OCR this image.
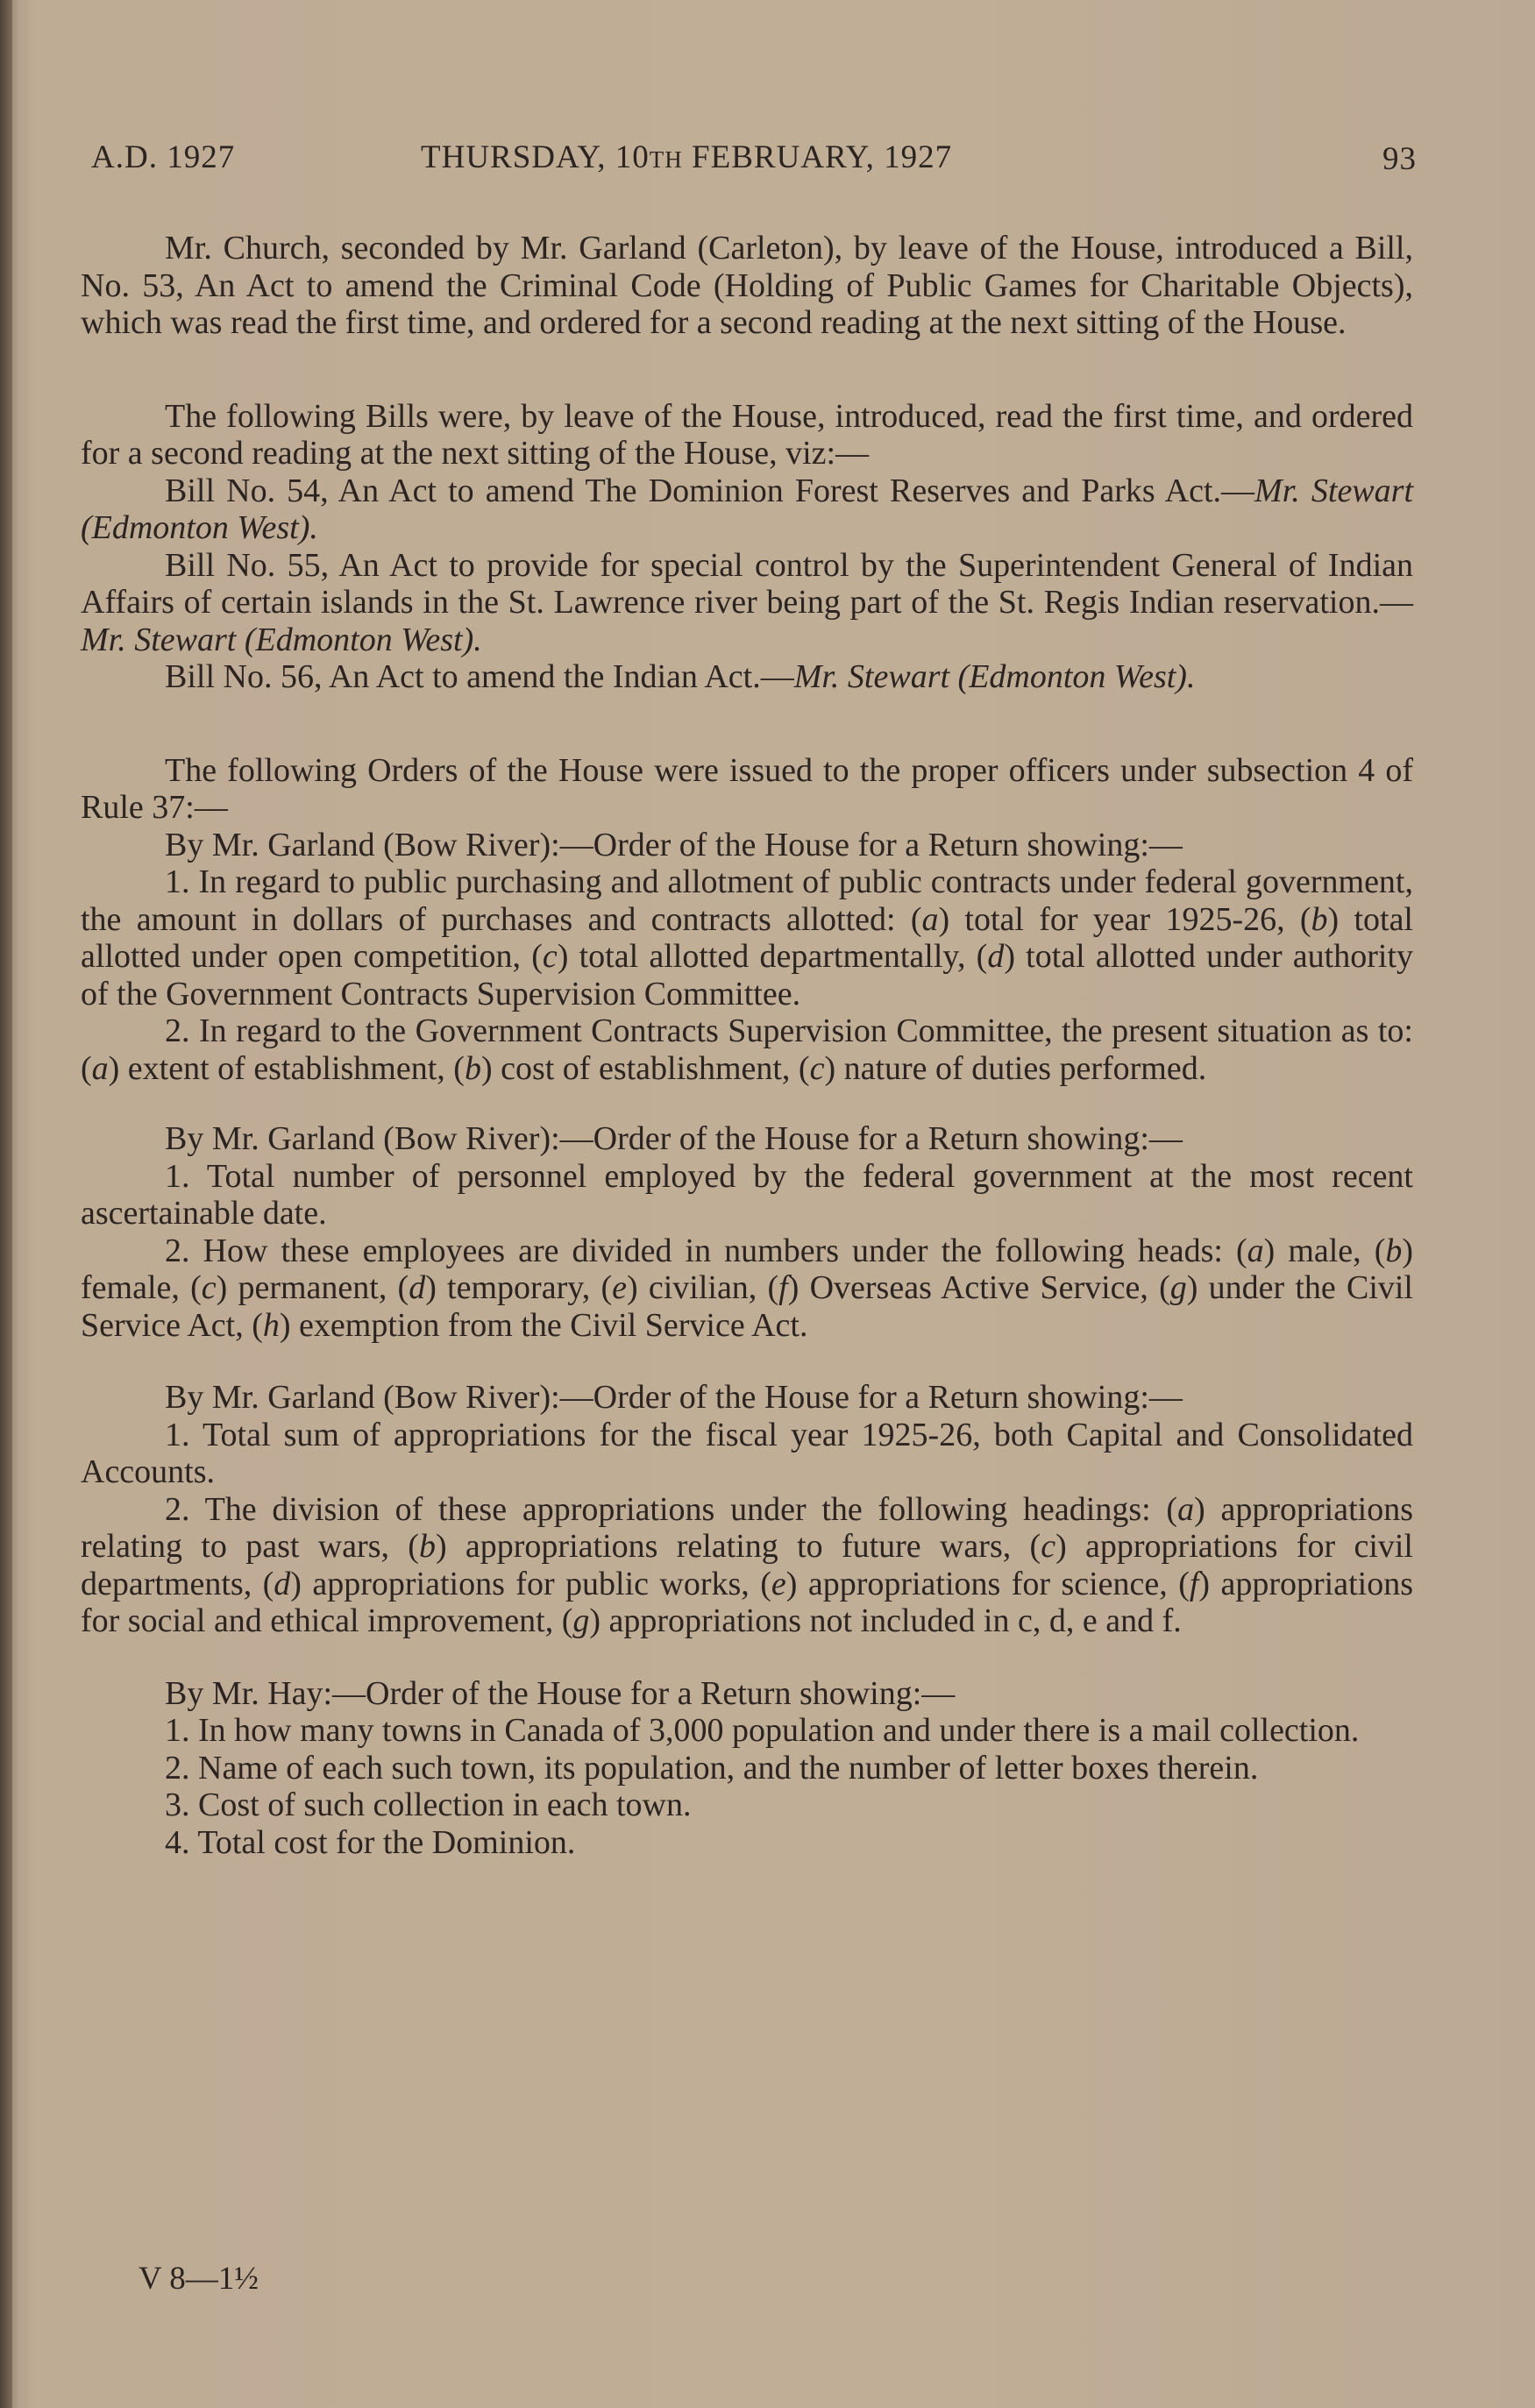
A.D. 1927	THURSDAY, 10TH FEBRUARY, 1927	93

Mr. Church, seconded by Mr. Garland (Carleton), by leave of the House, introduced a Bill, No. 53, An Act to amend the Criminal Code (Holding of Public Games for Charitable Objects), which was read the first time, and ordered for a second reading at the next sitting of the House.

The following Bills were, by leave of the House, introduced, read the first time, and ordered for a second reading at the next sitting of the House, viz:—

Bill No. 54, An Act to amend The Dominion Forest Reserves and Parks Act.—Mr. Stewart (Edmonton West).

Bill No. 55, An Act to provide for special control by the Superintendent General of Indian Affairs of certain islands in the St. Lawrence river being part of the St. Regis Indian reservation.—Mr. Stewart (Edmonton West).

Bill No. 56, An Act to amend the Indian Act.—Mr. Stewart (Edmonton West).

The following Orders of the House were issued to the proper officers under subsection 4 of Rule 37:—

By Mr. Garland (Bow River):—Order of the House for a Return showing:—

1. In regard to public purchasing and allotment of public contracts under federal government, the amount in dollars of purchases and contracts allotted: (a) total for year 1925-26, (b) total allotted under open competition, (c) total allotted departmentally, (d) total allotted under authority of the Government Contracts Supervision Committee.

2. In regard to the Government Contracts Supervision Committee, the present situation as to: (a) extent of establishment, (b) cost of establishment, (c) nature of duties performed.

By Mr. Garland (Bow River):—Order of the House for a Return showing:—

1. Total number of personnel employed by the federal government at the most recent ascertainable date.

2. How these employees are divided in numbers under the following heads: (a) male, (b) female, (c) permanent, (d) temporary, (e) civilian, (f) Overseas Active Service, (g) under the Civil Service Act, (h) exemption from the Civil Service Act.

By Mr. Garland (Bow River):—Order of the House for a Return showing:—

1. Total sum of appropriations for the fiscal year 1925-26, both Capital and Consolidated Accounts.

2. The division of these appropriations under the following headings: (a) appropriations relating to past wars, (b) appropriations relating to future wars, (c) appropriations for civil departments, (d) appropriations for public works, (e) appropriations for science, (f) appropriations for social and ethical improvement, (g) appropriations not included in c, d, e and f.

By Mr. Hay:—Order of the House for a Return showing:—

1. In how many towns in Canada of 3,000 population and under there is a mail collection.

2. Name of each such town, its population, and the number of letter boxes therein.

3. Cost of such collection in each town.

4. Total cost for the Dominion.

V 8—1½
